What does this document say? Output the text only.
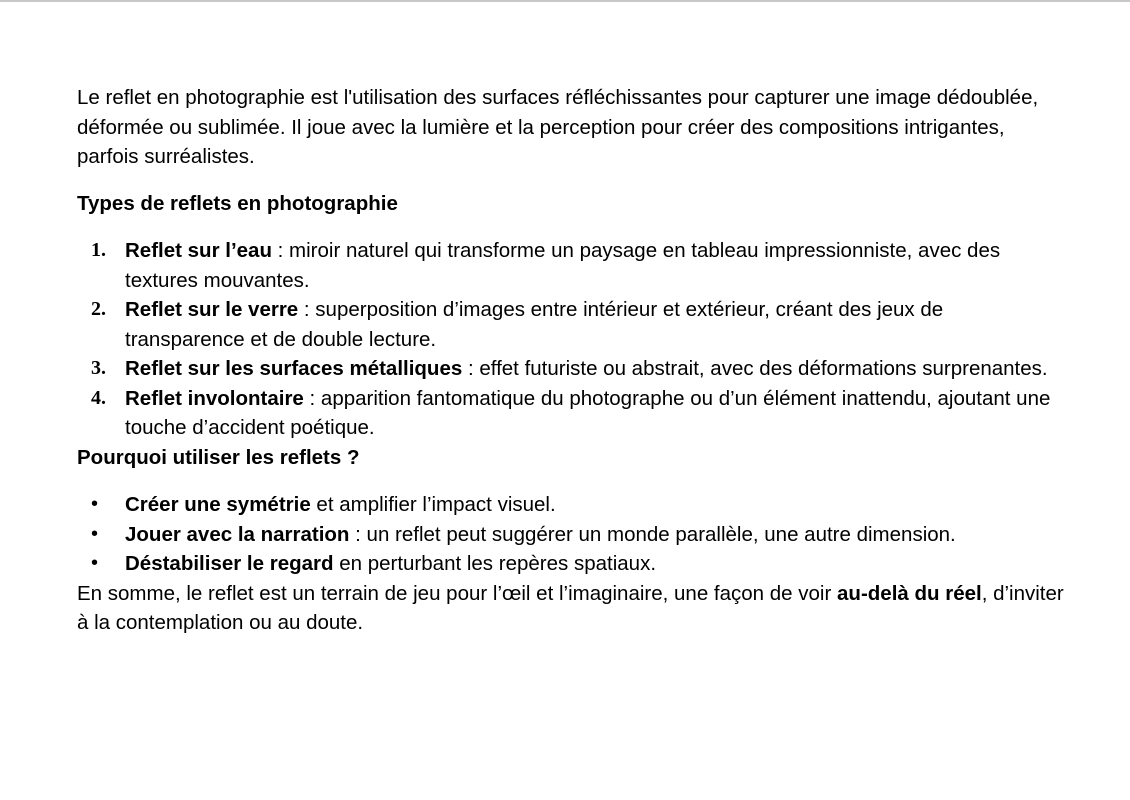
Le reflet en photographie est l'utilisation des surfaces réfléchissantes pour capturer une image dédoublée, déformée ou sublimée. Il joue avec la lumière et la perception pour créer des compositions intrigantes, parfois surréalistes.

Types de reflets en photographie

1. Reflet sur l’eau : miroir naturel qui transforme un paysage en tableau impressionniste, avec des textures mouvantes.
2. Reflet sur le verre : superposition d’images entre intérieur et extérieur, créant des jeux de transparence et de double lecture.
3. Reflet sur les surfaces métalliques : effet futuriste ou abstrait, avec des déformations surprenantes.
4. Reflet involontaire : apparition fantomatique du photographe ou d’un élément inattendu, ajoutant une touche d’accident poétique.

Pourquoi utiliser les reflets ?

• Créer une symétrie et amplifier l’impact visuel.
• Jouer avec la narration : un reflet peut suggérer un monde parallèle, une autre dimension.
• Déstabiliser le regard en perturbant les repères spatiaux.

En somme, le reflet est un terrain de jeu pour l’œil et l’imaginaire, une façon de voir au-delà du réel, d’inviter à la contemplation ou au doute.
